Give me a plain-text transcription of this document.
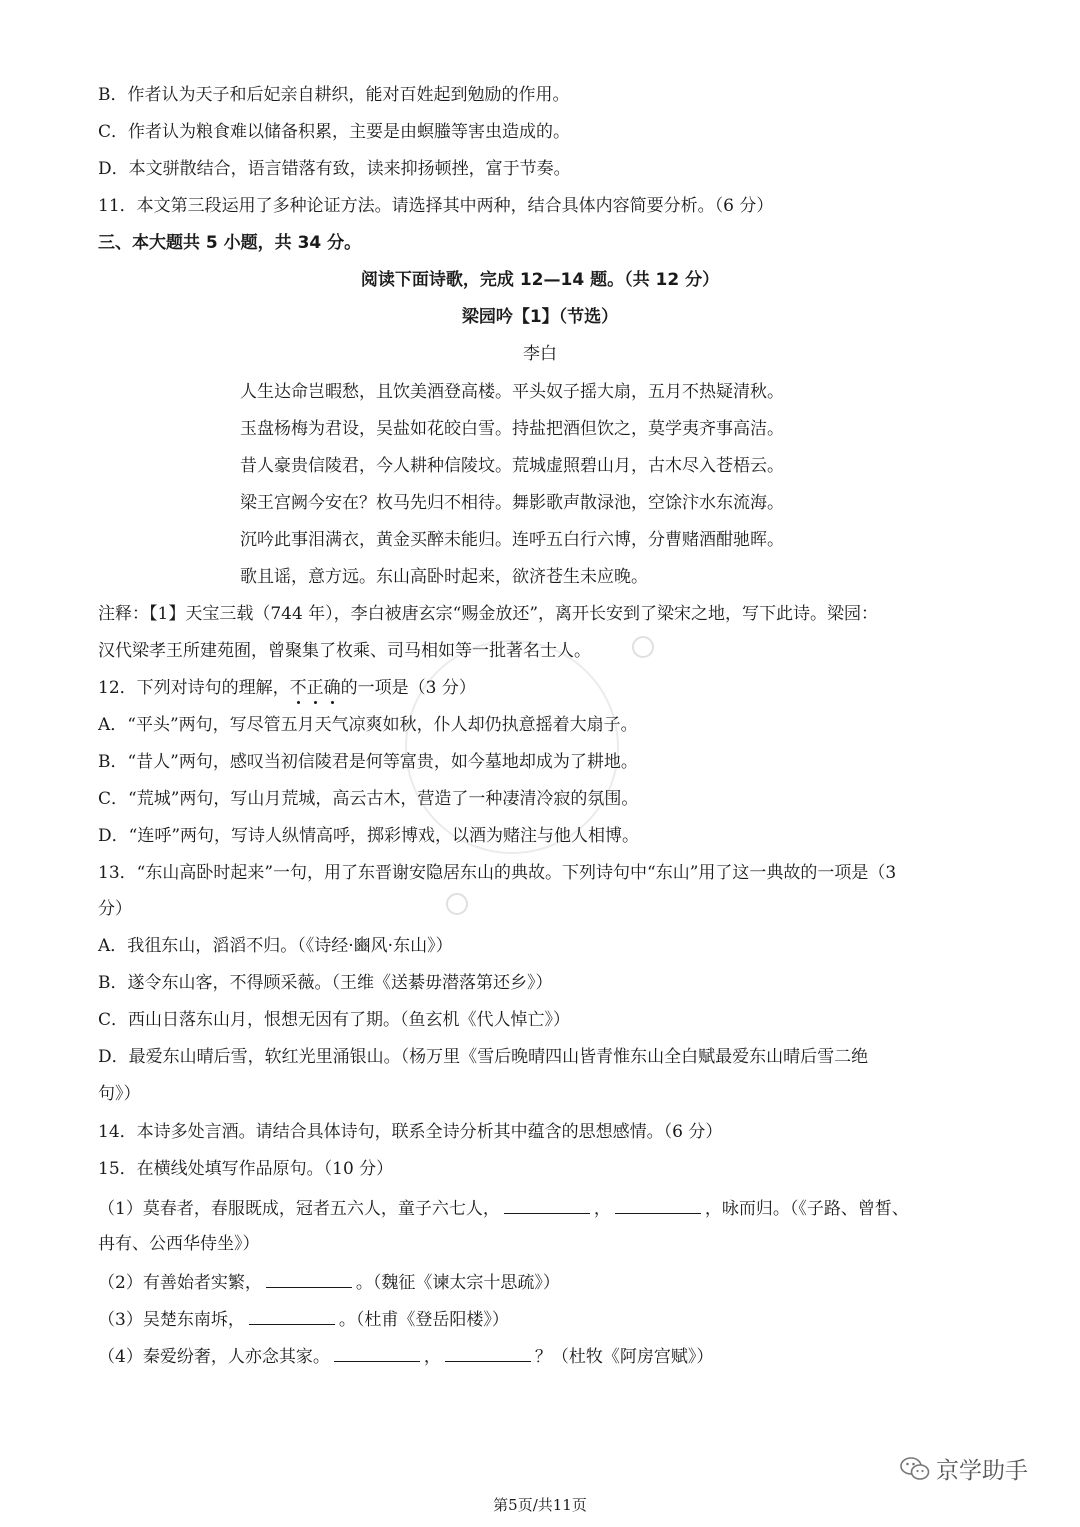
B．作者认为天子和后妃亲自耕织，能对百姓起到勉励的作用。
C．作者认为粮食难以储备积累，主要是由螟螣等害虫造成的。
D．本文骈散结合，语言错落有致，读来抑扬顿挫，富于节奏。
11．本文第三段运用了多种论证方法。请选择其中两种，结合具体内容简要分析。（6 分）
三、本大题共 5 小题，共 34 分。
阅读下面诗歌，完成 12—14 题。（共 12 分）
梁园吟【1】（节选）
李白
人生达命岂暇愁，且饮美酒登高楼。平头奴子摇大扇，五月不热疑清秋。
玉盘杨梅为君设，吴盐如花皎白雪。持盐把酒但饮之，莫学夷齐事高洁。
昔人豪贵信陵君，今人耕种信陵坟。荒城虚照碧山月，古木尽入苍梧云。
梁王宫阙今安在？枚马先归不相待。舞影歌声散渌池，空馀汴水东流海。
沉吟此事泪满衣，黄金买醉未能归。连呼五白行六博，分曹赌酒酣驰晖。
歌且谣，意方远。东山高卧时起来，欲济苍生未应晚。
注释：【1】天宝三载（744 年），李白被唐玄宗“赐金放还”，离开长安到了梁宋之地，写下此诗。梁园：
汉代梁孝王所建苑囿，曾聚集了枚乘、司马相如等一批著名士人。
12．下列对诗句的理解，不正确的一项是（3 分）
A．“平头”两句，写尽管五月天气凉爽如秋，仆人却仍执意摇着大扇子。
B．“昔人”两句，感叹当初信陵君是何等富贵，如今墓地却成为了耕地。
C．“荒城”两句，写山月荒城，高云古木，营造了一种凄清冷寂的氛围。
D．“连呼”两句，写诗人纵情高呼，掷彩博戏，以酒为赌注与他人相博。
13．“东山高卧时起来”一句，用了东晋谢安隐居东山的典故。下列诗句中“东山”用了这一典故的一项是（3
分）
A．我徂东山，滔滔不归。（《诗经·豳风·东山》）
B．遂令东山客，不得顾采薇。（王维《送綦毋潜落第还乡》）
C．西山日落东山月，恨想无因有了期。（鱼玄机《代人悼亡》）
D．最爱东山晴后雪，软红光里涌银山。（杨万里《雪后晚晴四山皆青惟东山全白赋最爱东山晴后雪二绝
句》）
14．本诗多处言酒。请结合具体诗句，联系全诗分析其中蕴含的思想感情。（6 分）
15．在横线处填写作品原句。（10 分）
（1）莫春者，春服既成，冠者五六人，童子六七人，	，	，咏而归。（《子路、曾皙、
冉有、公西华侍坐》）
（2）有善始者实繁，	。（魏征《谏太宗十思疏》）
（3）吴楚东南坼，	。（杜甫《登岳阳楼》）
（4）秦爱纷奢，人亦念其家。	，	？（杜牧《阿房宫赋》）
京学助手
第5页/共11页
